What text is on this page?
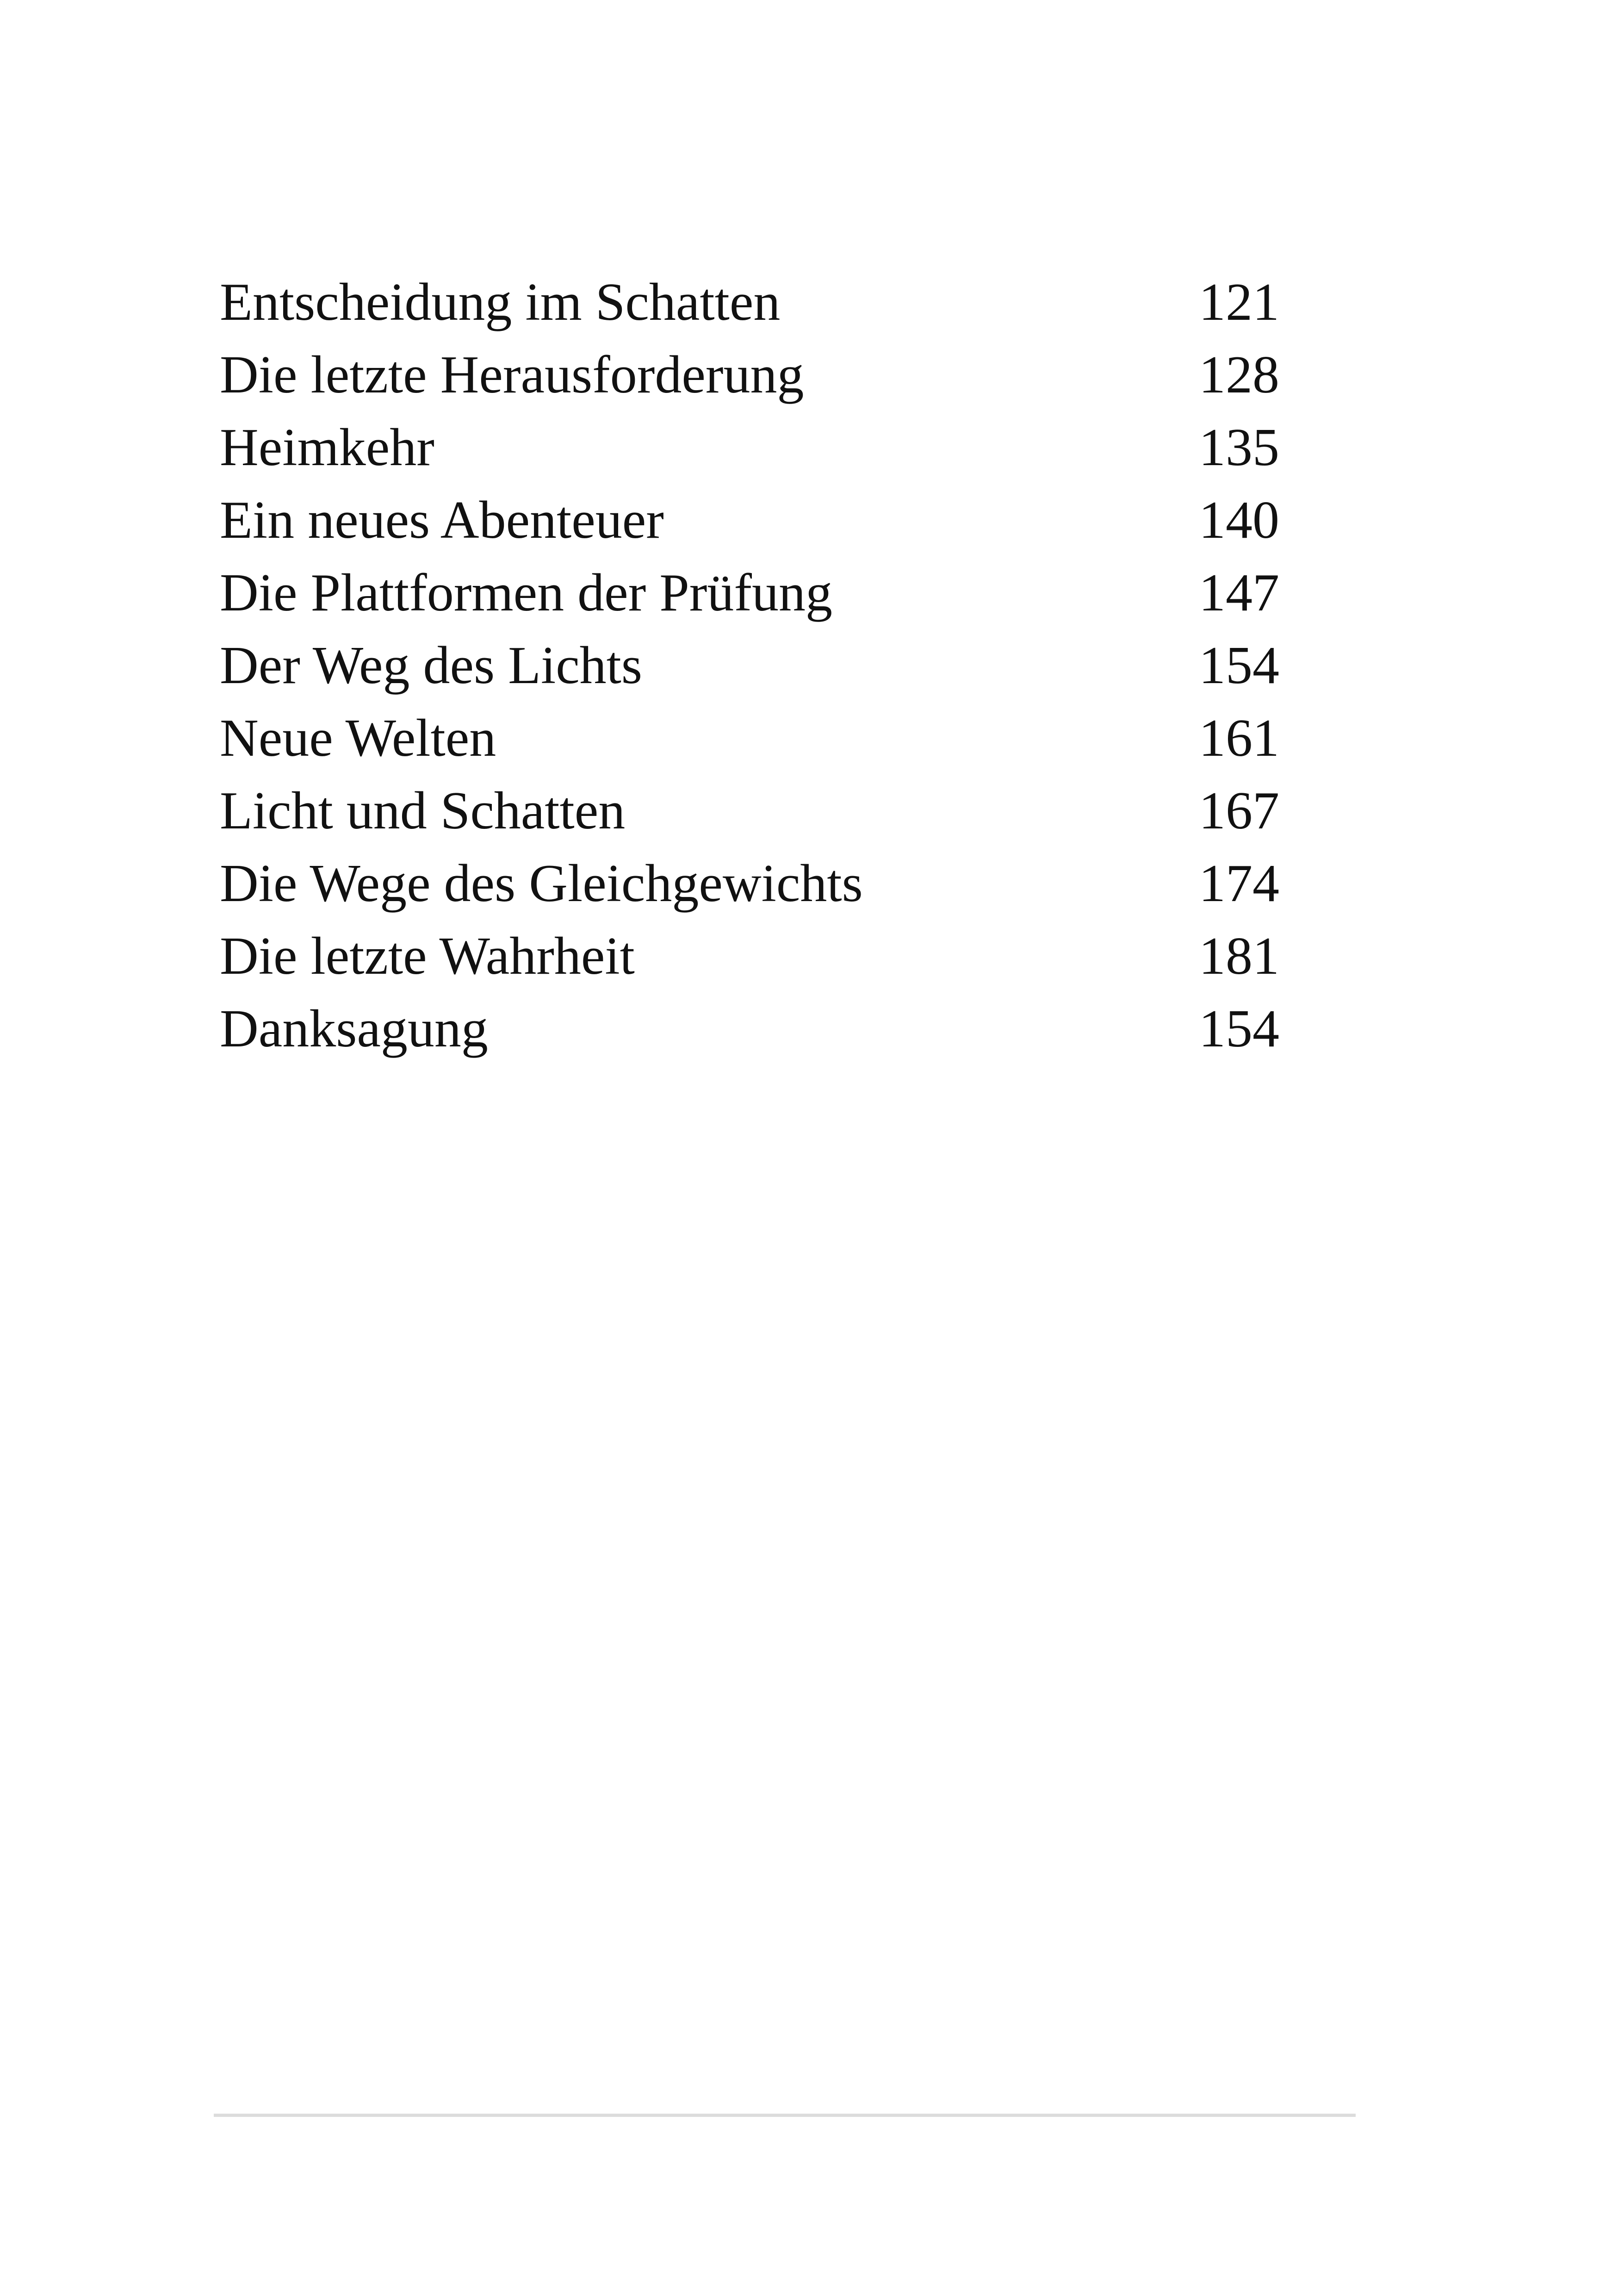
Entscheidung im Schatten	121
Die letzte Herausforderung	128
Heimkehr	135
Ein neues Abenteuer	140
Die Plattformen der Prüfung	147
Der Weg des Lichts	154
Neue Welten	161
Licht und Schatten	167
Die Wege des Gleichgewichts	174
Die letzte Wahrheit	181
Danksagung	154
